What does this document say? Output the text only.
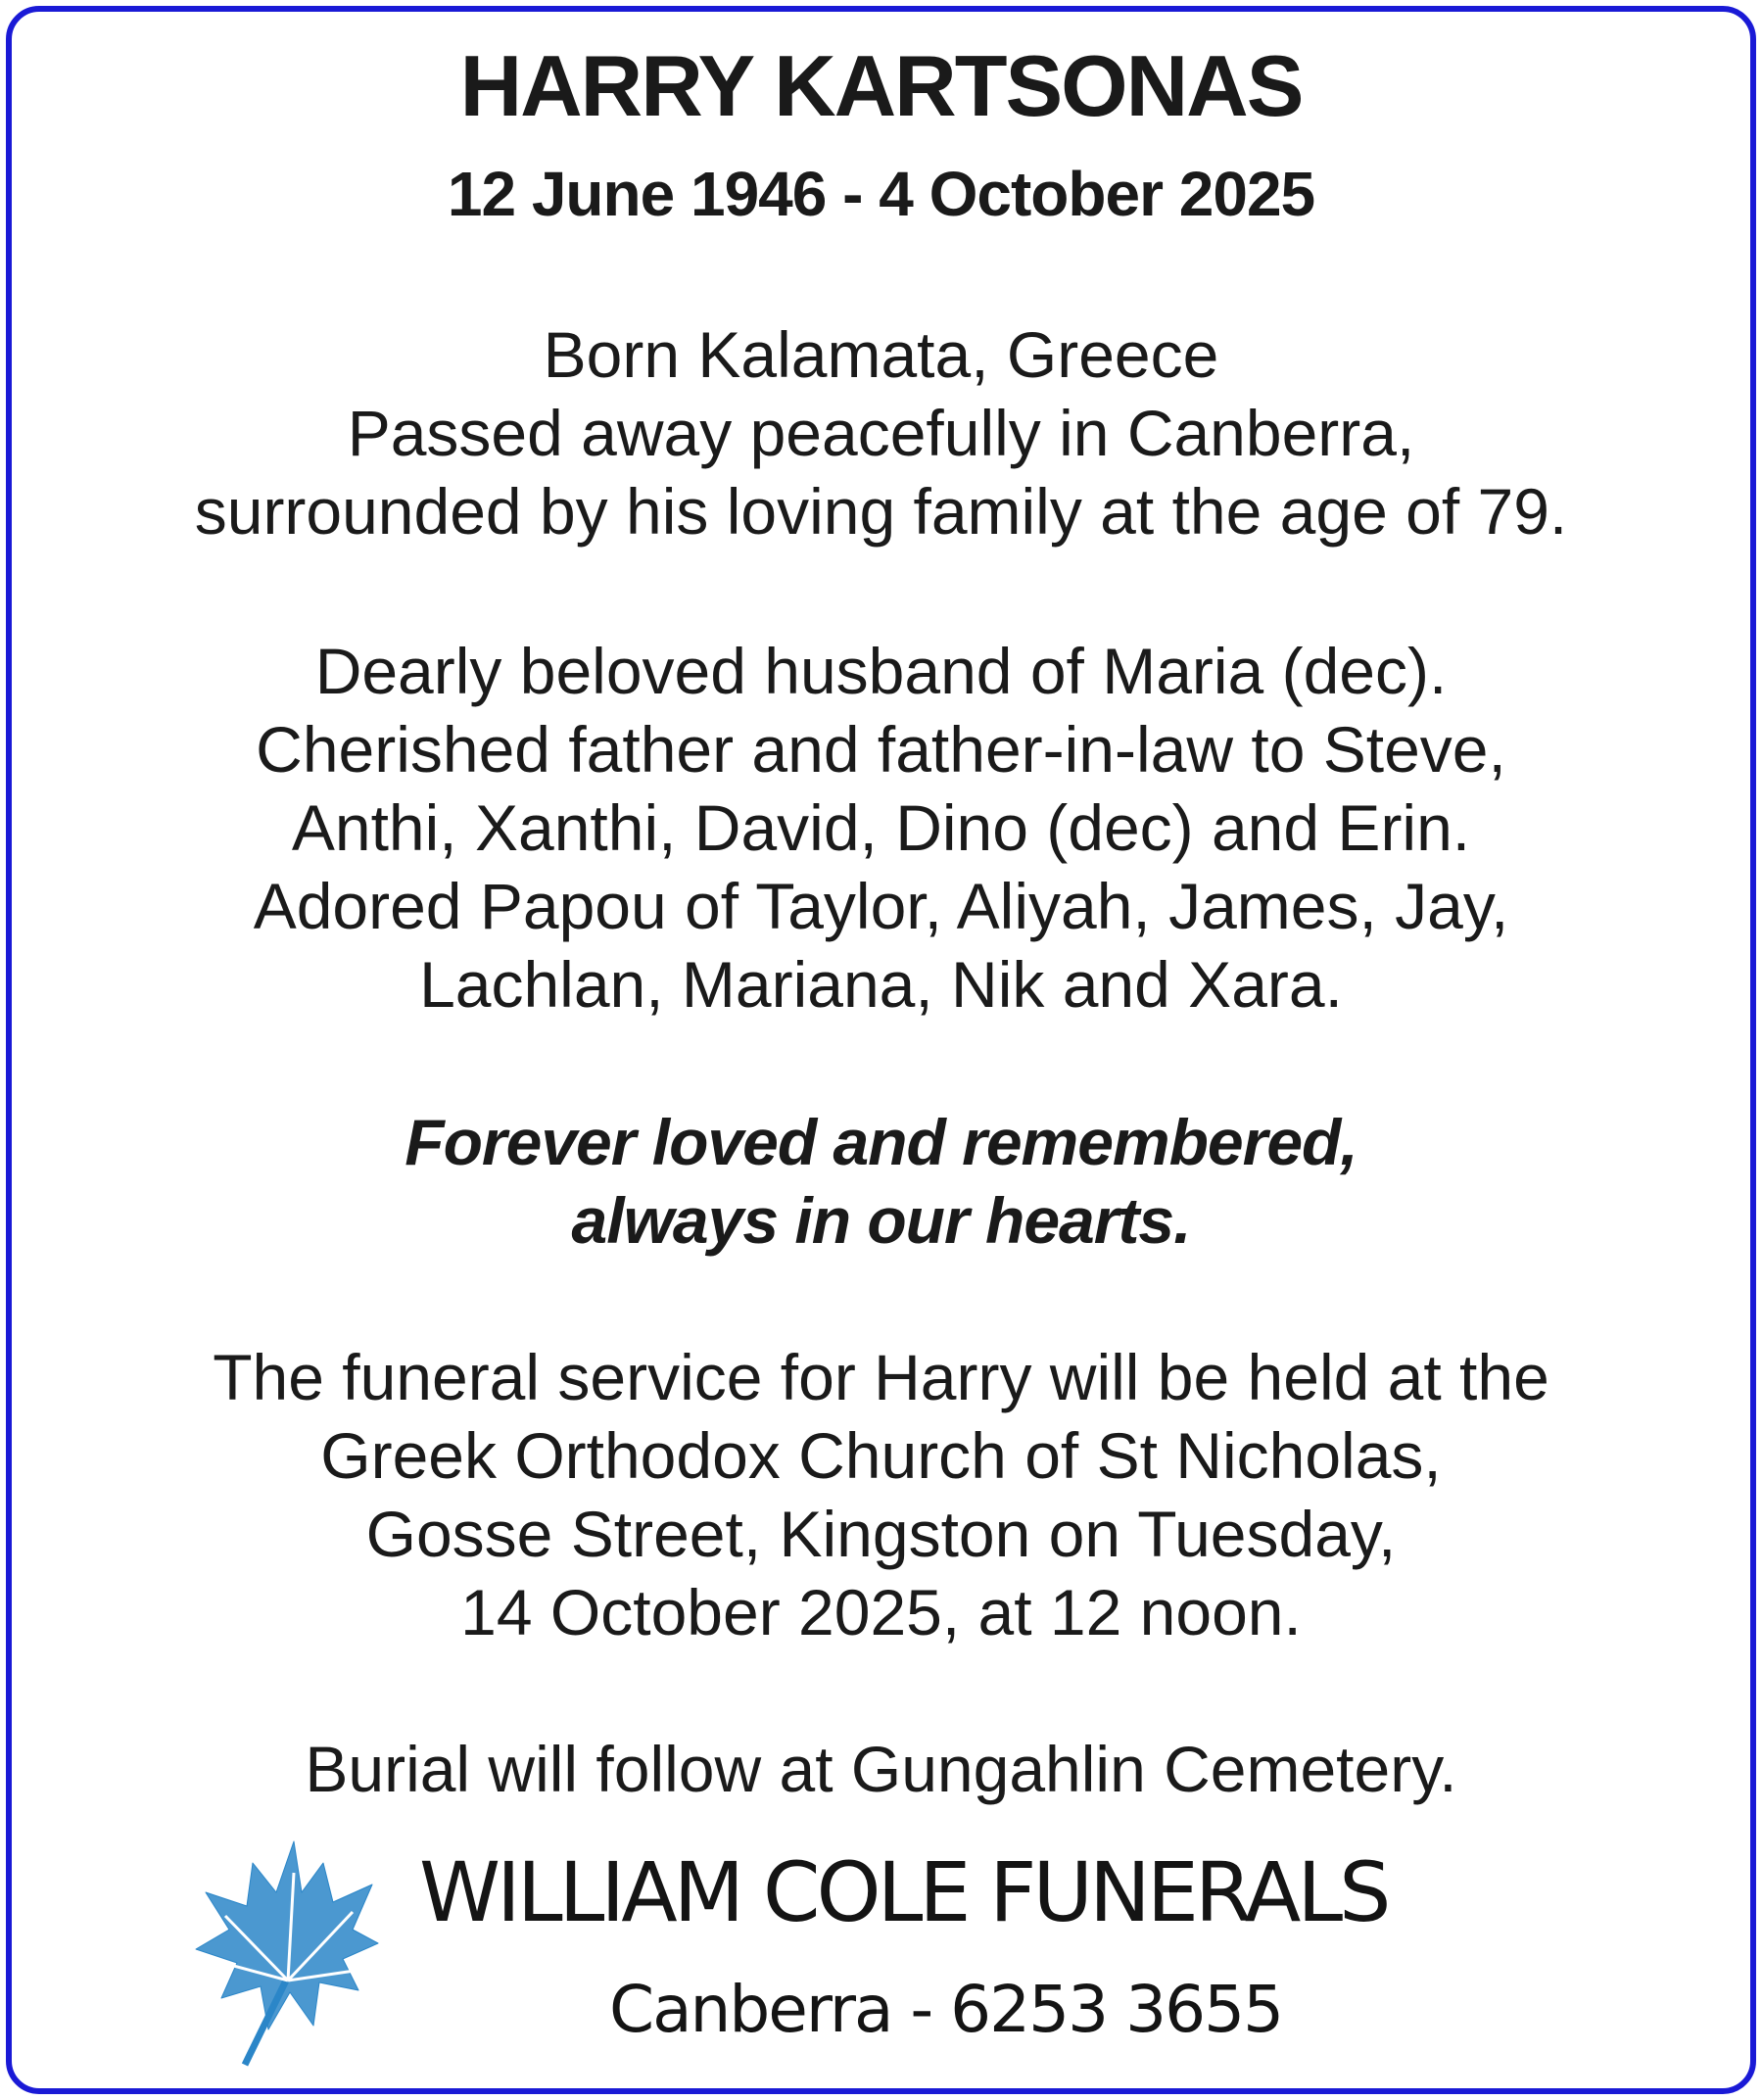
HARRY KARTSONAS
12 June 1946 - 4 October 2025
Born Kalamata, Greece
Passed away peacefully in Canberra,
surrounded by his loving family at the age of 79.
Dearly beloved husband of Maria (dec).
Cherished father and father-in-law to Steve,
Anthi, Xanthi, David, Dino (dec) and Erin.
Adored Papou of Taylor, Aliyah, James, Jay,
Lachlan, Mariana, Nik and Xara.
Forever loved and remembered,
always in our hearts.
The funeral service for Harry will be held at the
Greek Orthodox Church of St Nicholas,
Gosse Street, Kingston on Tuesday,
14 October 2025, at 12 noon.
Burial will follow at Gungahlin Cemetery.
WILLIAM COLE FUNERALS
Canberra - 6253 3655
